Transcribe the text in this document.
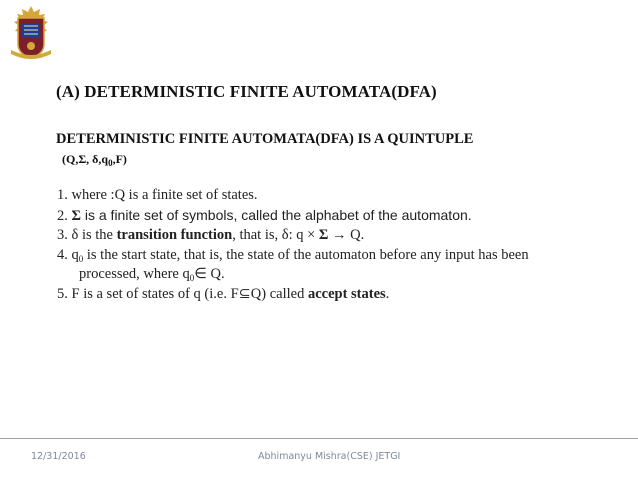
(A) DETERMINISTIC FINITE AUTOMATA(DFA)
DETERMINISTIC FINITE AUTOMATA(DFA) IS A QUINTUPLE
(Q,Σ, $\delta,q_0,F$)
1. where :Q is a finite set of states.
2. Σ is a finite set of symbols, called the alphabet of the automaton.
3. δ is the transition function, that is, δ: q × Σ → Q.
4. $q_0$ is the start state, that is, the state of the automaton before any input has been
processed, where $q_0\in$ Q.
5. F is a set of states of q (i.e. F⊆Q) called accept states.
12/31/2016	Abhimanyu Mishra(CSE) JETGI
